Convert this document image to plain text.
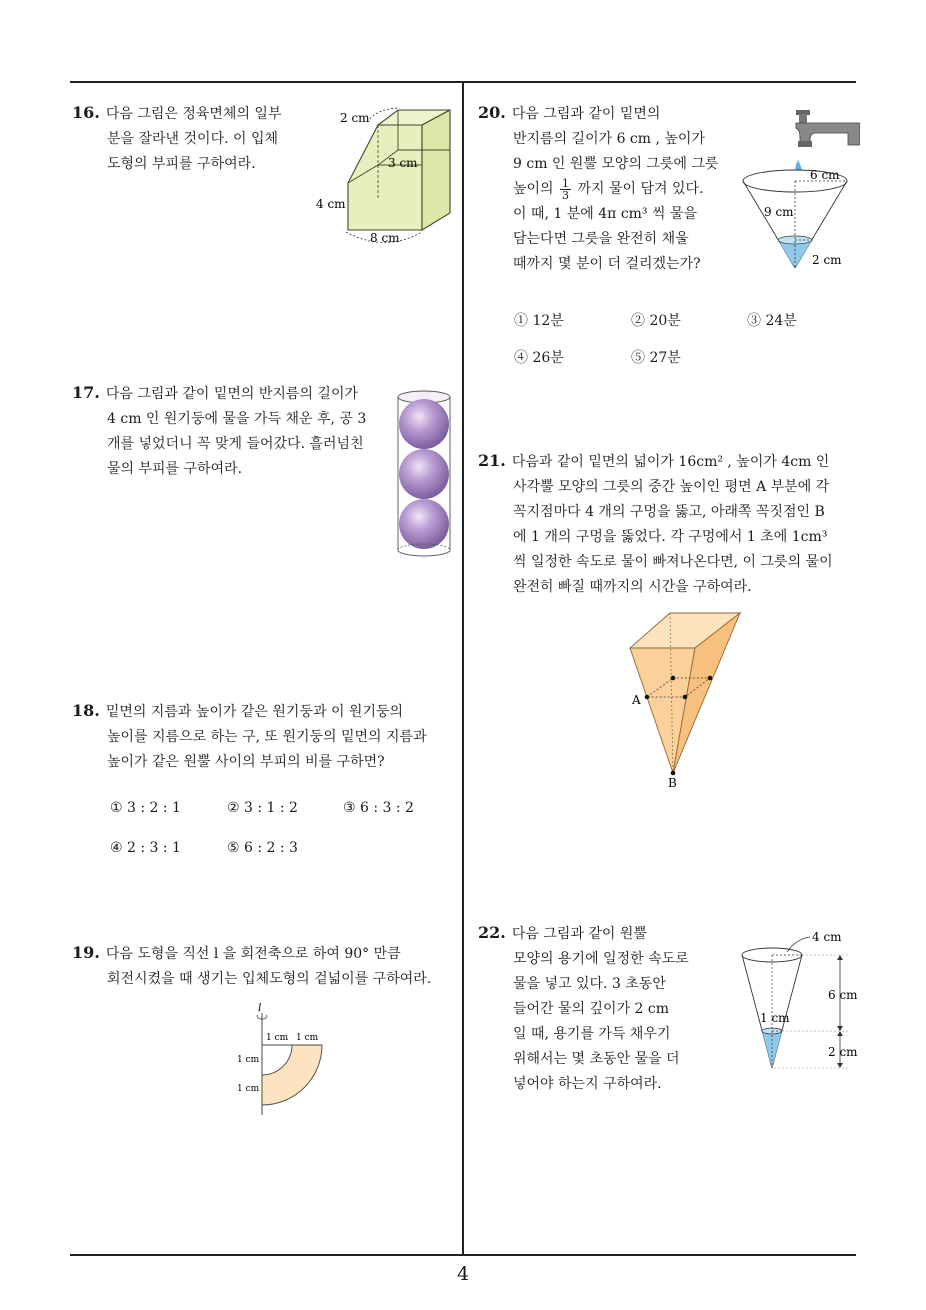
4
16. 다음 그림은 정육면체의 일부
분을 잘라낸 것이다. 이 입체
도형의 부피를 구하여라.
2 cm
3 cm
4 cm
8 cm
17. 다음 그림과 같이 밑면의 반지름의 길이가
4 cm 인 원기둥에 물을 가득 채운 후, 공 3
개를 넣었더니 꼭 맞게 들어갔다. 흘러넘친
물의 부피를 구하여라.
18. 밑면의 지름과 높이가 같은 원기둥과 이 원기둥의
높이를 지름으로 하는 구, 또 원기둥의 밑면의 지름과
높이가 같은 원뿔 사이의 부피의 비를 구하면?
① 3 : 2 : 1	② 3 : 1 : 2	③ 6 : 3 : 2
④ 2 : 3 : 1	⑤ 6 : 2 : 3
19. 다음 도형을 직선 l 을 회전축으로 하여 90° 만큼
회전시켰을 때 생기는 입체도형의 겉넓이를 구하여라.
l
1 cm 1 cm
1 cm
1 cm
20. 다음 그림과 같이 밑면의
반지름의 길이가 6 cm , 높이가
9 cm 인 원뿔 모양의 그릇에 그릇
높이의 $\frac{1}{3}$ 까지 물이 담겨 있다.
이 때, 1 분에 4π cm³ 씩 물을
담는다면 그릇을 완전히 채울
때까지 몇 분이 더 걸리겠는가?
6 cm
9 cm
2 cm
① 12분	② 20분	③ 24분
④ 26분	⑤ 27분
21. 다음과 같이 밑면의 넓이가 16cm² , 높이가 4cm 인
사각뿔 모양의 그릇의 중간 높이인 평면 A 부분에 각
꼭지점마다 4 개의 구멍을 뚫고, 아래쪽 꼭짓점인 B
에 1 개의 구멍을 뚫었다. 각 구멍에서 1 초에 1cm³
씩 일정한 속도로 물이 빠져나온다면, 이 그릇의 물이
완전히 빠질 때까지의 시간을 구하여라.
A
B
22. 다음 그림과 같이 원뿔
모양의 용기에 일정한 속도로
물을 넣고 있다. 3 초동안
들어간 물의 깊이가 2 cm
일 때, 용기를 가득 채우기
위해서는 몇 초동안 물을 더
넣어야 하는지 구하여라.
4 cm
6 cm
1 cm
2 cm
